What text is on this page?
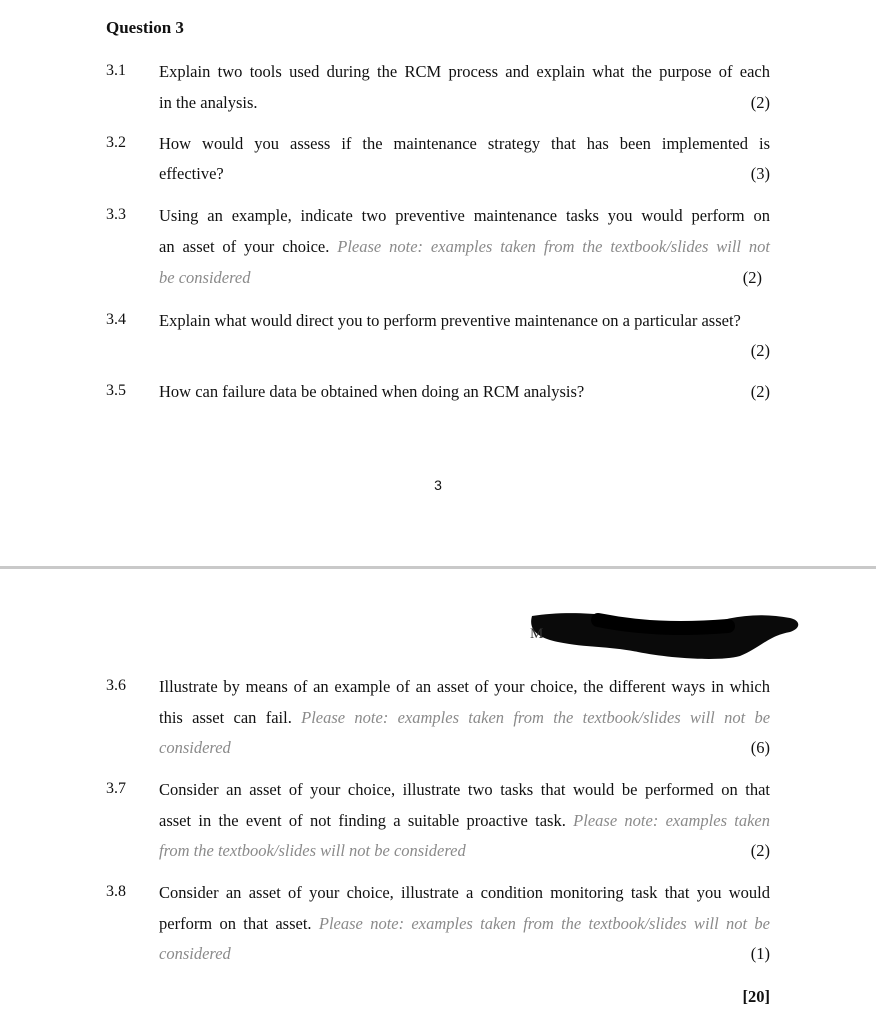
Question 3
3.1 Explain two tools used during the RCM process and explain what the purpose of each
in the analysis.	(2)
3.2 How would you assess if the maintenance strategy that has been implemented is
effective?	(3)
3.3 Using an example, indicate two preventive maintenance tasks you would perform on
an asset of your choice. Please note: examples taken from the textbook/slides will not
be considered	(2)
3.4 Explain what would direct you to perform preventive maintenance on a particular asset?
(2)
3.5 How can failure data be obtained when doing an RCM analysis?	(2)
3
M
3.6 Illustrate by means of an example of an asset of your choice, the different ways in which
this asset can fail. Please note: examples taken from the textbook/slides will not be
considered	(6)
3.7 Consider an asset of your choice, illustrate two tasks that would be performed on that
asset in the event of not finding a suitable proactive task. Please note: examples taken
from the textbook/slides will not be considered	(2)
3.8 Consider an asset of your choice, illustrate a condition monitoring task that you would
perform on that asset. Please note: examples taken from the textbook/slides will not be
considered	(1)
[20]
